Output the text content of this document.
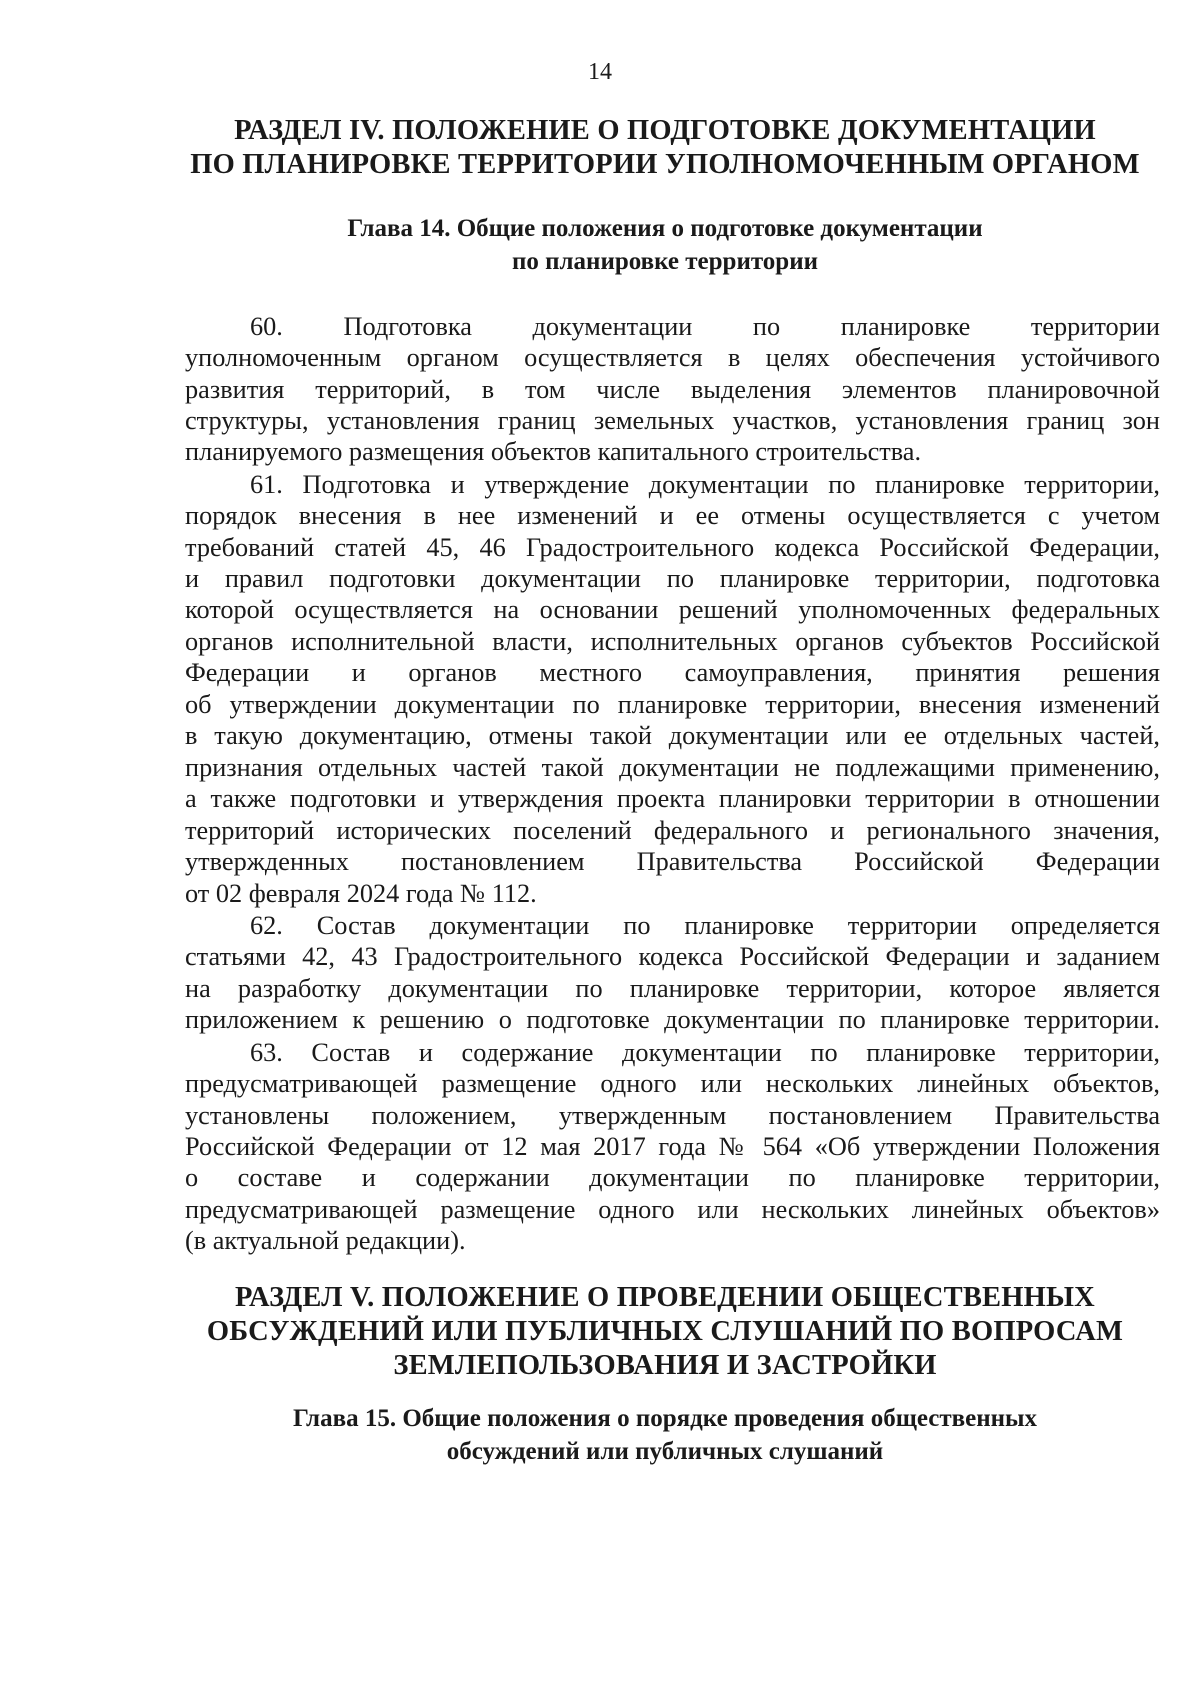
14
РАЗДЕЛ IV. ПОЛОЖЕНИЕ О ПОДГОТОВКЕ ДОКУМЕНТАЦИИ
ПО ПЛАНИРОВКЕ ТЕРРИТОРИИ УПОЛНОМОЧЕННЫМ ОРГАНОМ
Глава 14. Общие положения о подготовке документации
по планировке территории
60. Подготовка документации по планировке территории
уполномоченным органом осуществляется в целях обеспечения устойчивого
развития территорий, в том числе выделения элементов планировочной
структуры, установления границ земельных участков, установления границ зон
планируемого размещения объектов капитального строительства.
61. Подготовка и утверждение документации по планировке территории,
порядок внесения в нее изменений и ее отмены осуществляется с учетом
требований статей 45, 46 Градостроительного кодекса Российской Федерации,
и правил подготовки документации по планировке территории, подготовка
которой осуществляется на основании решений уполномоченных федеральных
органов исполнительной власти, исполнительных органов субъектов Российской
Федерации и органов местного самоуправления, принятия решения
об утверждении документации по планировке территории, внесения изменений
в такую документацию, отмены такой документации или ее отдельных частей,
признания отдельных частей такой документации не подлежащими применению,
а также подготовки и утверждения проекта планировки территории в отношении
территорий исторических поселений федерального и регионального значения,
утвержденных постановлением Правительства Российской Федерации
от 02 февраля 2024 года № 112.
62. Состав документации по планировке территории определяется
статьями 42, 43 Градостроительного кодекса Российской Федерации и заданием
на разработку документации по планировке территории, которое является
приложением к решению о подготовке документации по планировке территории.
63. Состав и содержание документации по планировке территории,
предусматривающей размещение одного или нескольких линейных объектов,
установлены положением, утвержденным постановлением Правительства
Российской Федерации от 12 мая 2017 года № 564 «Об утверждении Положения
о составе и содержании документации по планировке территории,
предусматривающей размещение одного или нескольких линейных объектов»
(в актуальной редакции).
РАЗДЕЛ V. ПОЛОЖЕНИЕ О ПРОВЕДЕНИИ ОБЩЕСТВЕННЫХ
ОБСУЖДЕНИЙ ИЛИ ПУБЛИЧНЫХ СЛУШАНИЙ ПО ВОПРОСАМ
ЗЕМЛЕПОЛЬЗОВАНИЯ И ЗАСТРОЙКИ
Глава 15. Общие положения о порядке проведения общественных
обсуждений или публичных слушаний
